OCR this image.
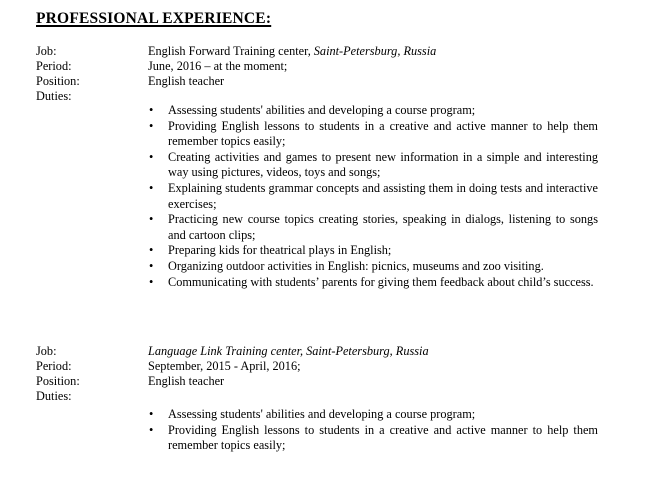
PROFESSIONAL EXPERIENCE:
Job:	English Forward Training center, Saint-Petersburg, Russia
Period:	June, 2016 – at the moment;
Position:	English teacher
Duties:
• Assessing students' abilities and developing a course program;
• Providing English lessons to students in a creative and active manner to help them remember topics easily;
• Creating activities and games to present new information in a simple and interesting way using pictures, videos, toys and songs;
• Explaining students grammar concepts and assisting them in doing tests and interactive exercises;
• Practicing new course topics creating stories, speaking in dialogs, listening to songs and cartoon clips;
• Preparing kids for theatrical plays in English;
• Organizing outdoor activities in English: picnics, museums and zoo visiting.
• Communicating with students’ parents for giving them feedback about child’s success.
Job:	Language Link Training center, Saint-Petersburg, Russia
Period:	September, 2015 - April, 2016;
Position:	English teacher
Duties:
• Assessing students' abilities and developing a course program;
• Providing English lessons to students in a creative and active manner to help them remember topics easily;
